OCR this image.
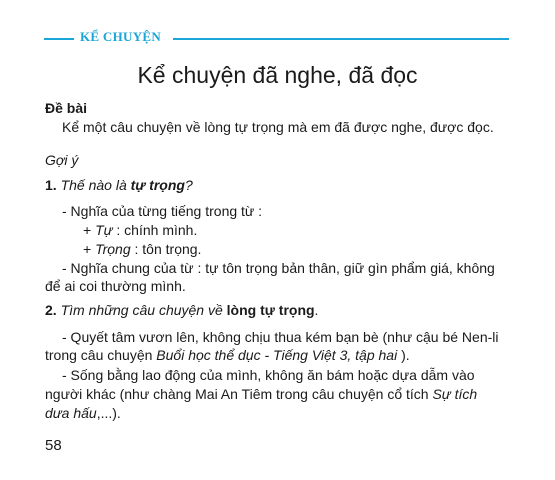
KỂ CHUYỆN
Kể chuyện đã nghe, đã đọc
Đề bài
Kể một câu chuyện về lòng tự trọng mà em đã được nghe, được đọc.
Gợi ý
1. Thế nào là tự trọng?
- Nghĩa của từng tiếng trong từ :
+ Tự : chính mình.
+ Trọng : tôn trọng.
- Nghĩa chung của từ : tự tôn trọng bản thân, giữ gìn phẩm giá, không
để ai coi thường mình.
2. Tìm những câu chuyện về lòng tự trọng.
- Quyết tâm vươn lên, không chịu thua kém bạn bè (như cậu bé Nen-li
trong câu chuyện Buổi học thể dục - Tiếng Việt 3, tập hai ).
- Sống bằng lao động của mình, không ăn bám hoặc dựa dẫm vào
người khác (như chàng Mai An Tiêm trong câu chuyện cổ tích Sự tích
dưa hấu,...).
58
